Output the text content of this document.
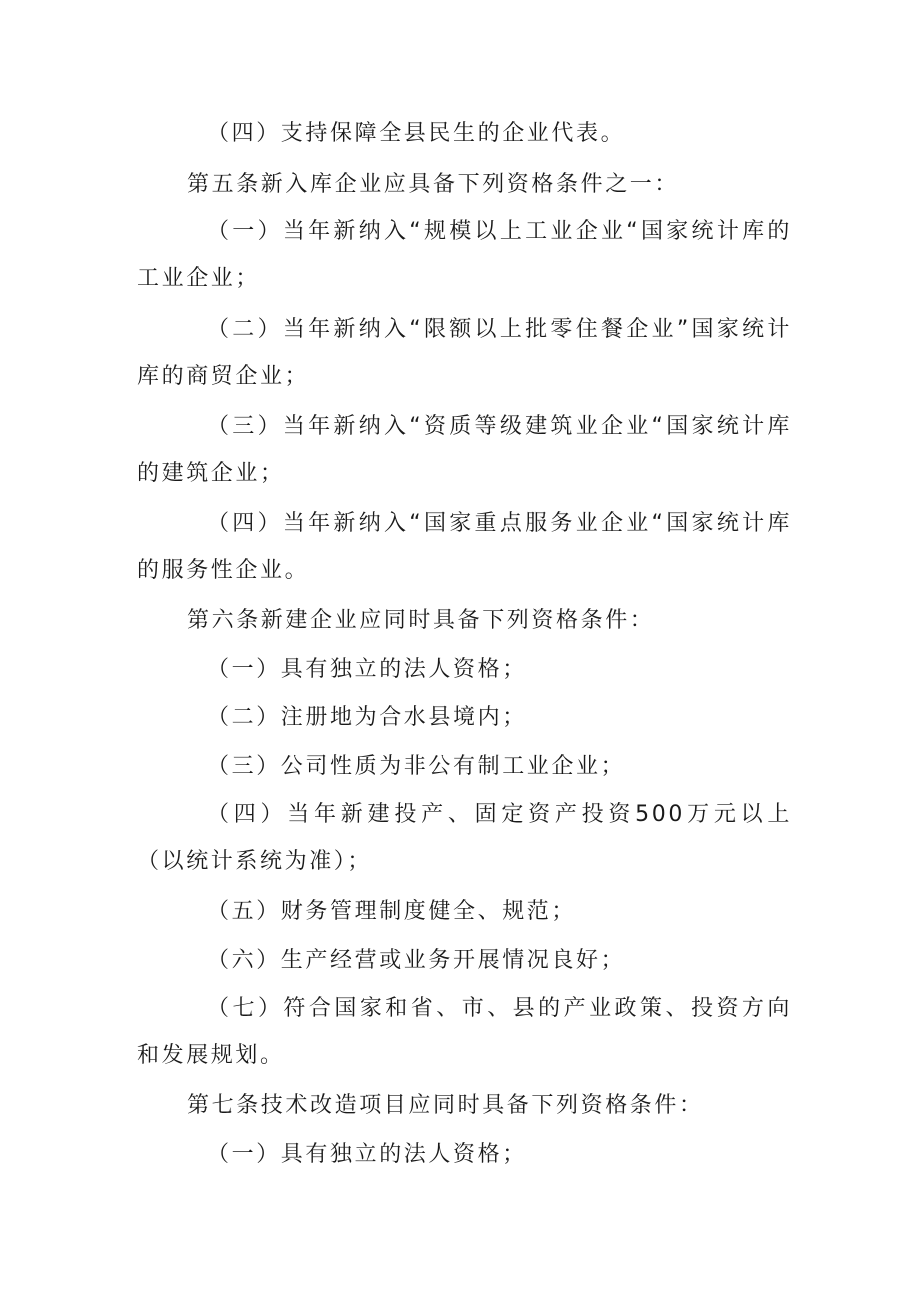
（四）支持保障全县民生的企业代表。

第五条新入库企业应具备下列资格条件之一：

（一）当年新纳入“规模以上工业企业“国家统计库的工业企业；

（二）当年新纳入“限额以上批零住餐企业”国家统计库的商贸企业；

（三）当年新纳入“资质等级建筑业企业“国家统计库的建筑企业；

（四）当年新纳入“国家重点服务业企业“国家统计库的服务性企业。

第六条新建企业应同时具备下列资格条件：

（一）具有独立的法人资格；

（二）注册地为合水县境内；

（三）公司性质为非公有制工业企业；

（四）当年新建投产、固定资产投资500万元以上（以统计系统为准）；

（五）财务管理制度健全、规范；

（六）生产经营或业务开展情况良好；

（七）符合国家和省、市、县的产业政策、投资方向和发展规划。

第七条技术改造项目应同时具备下列资格条件：

（一）具有独立的法人资格；
